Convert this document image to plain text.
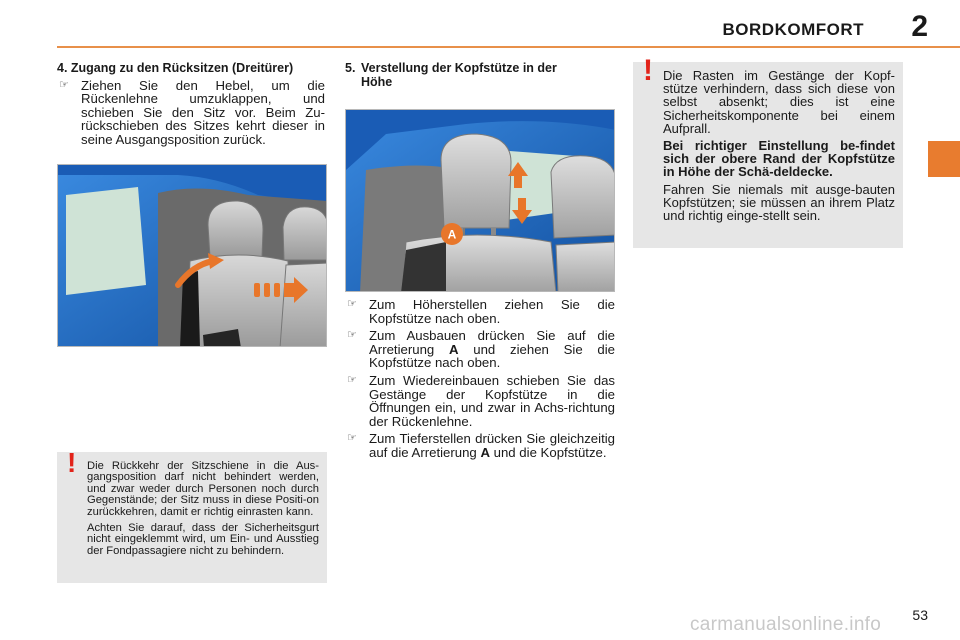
BORDKOMFORT 2
4. Zugang zu den Rücksitzen (Dreitürer)
☞ Ziehen Sie den Hebel, um die Rückenlehne umzuklappen, und schieben Sie den Sitz vor. Beim Zu-rückschieben des Sitzes kehrt dieser in seine Ausgangsposition zurück.
! Die Rückkehr der Sitzschiene in die Aus-gangsposition darf nicht behindert werden, und zwar weder durch Personen noch durch Gegenstände; der Sitz muss in diese Positi-on zurückkehren, damit er richtig einrasten kann.

Achten Sie darauf, dass der Sicherheitsgurt nicht eingeklemmt wird, um Ein- und Ausstieg der Fondpassagiere nicht zu behindern.

5. Verstellung der Kopfstütze in der
Höhe
A
☞ Zum Höherstellen ziehen Sie die Kopfstütze nach oben.
☞ Zum Ausbauen drücken Sie auf die Arretierung A und ziehen Sie die Kopfstütze nach oben.
☞ Zum Wiedereinbauen schieben Sie das Gestänge der Kopfstütze in die Öffnungen ein, und zwar in Achs-richtung der Rückenlehne.
☞ Zum Tieferstellen drücken Sie gleichzeitig auf die Arretierung A und die Kopfstütze.
! Die Rasten im Gestänge der Kopf-stütze verhindern, dass sich diese von selbst absenkt; dies ist eine Sicherheitskomponente bei einem Aufprall.

Bei richtiger Einstellung be-findet sich der obere Rand der Kopfstütze in Höhe der Schä-deldecke.

Fahren Sie niemals mit ausge-bauten Kopfstützen; sie müssen an ihrem Platz und richtig einge-stellt sein.

53
carmanualsonline.info
